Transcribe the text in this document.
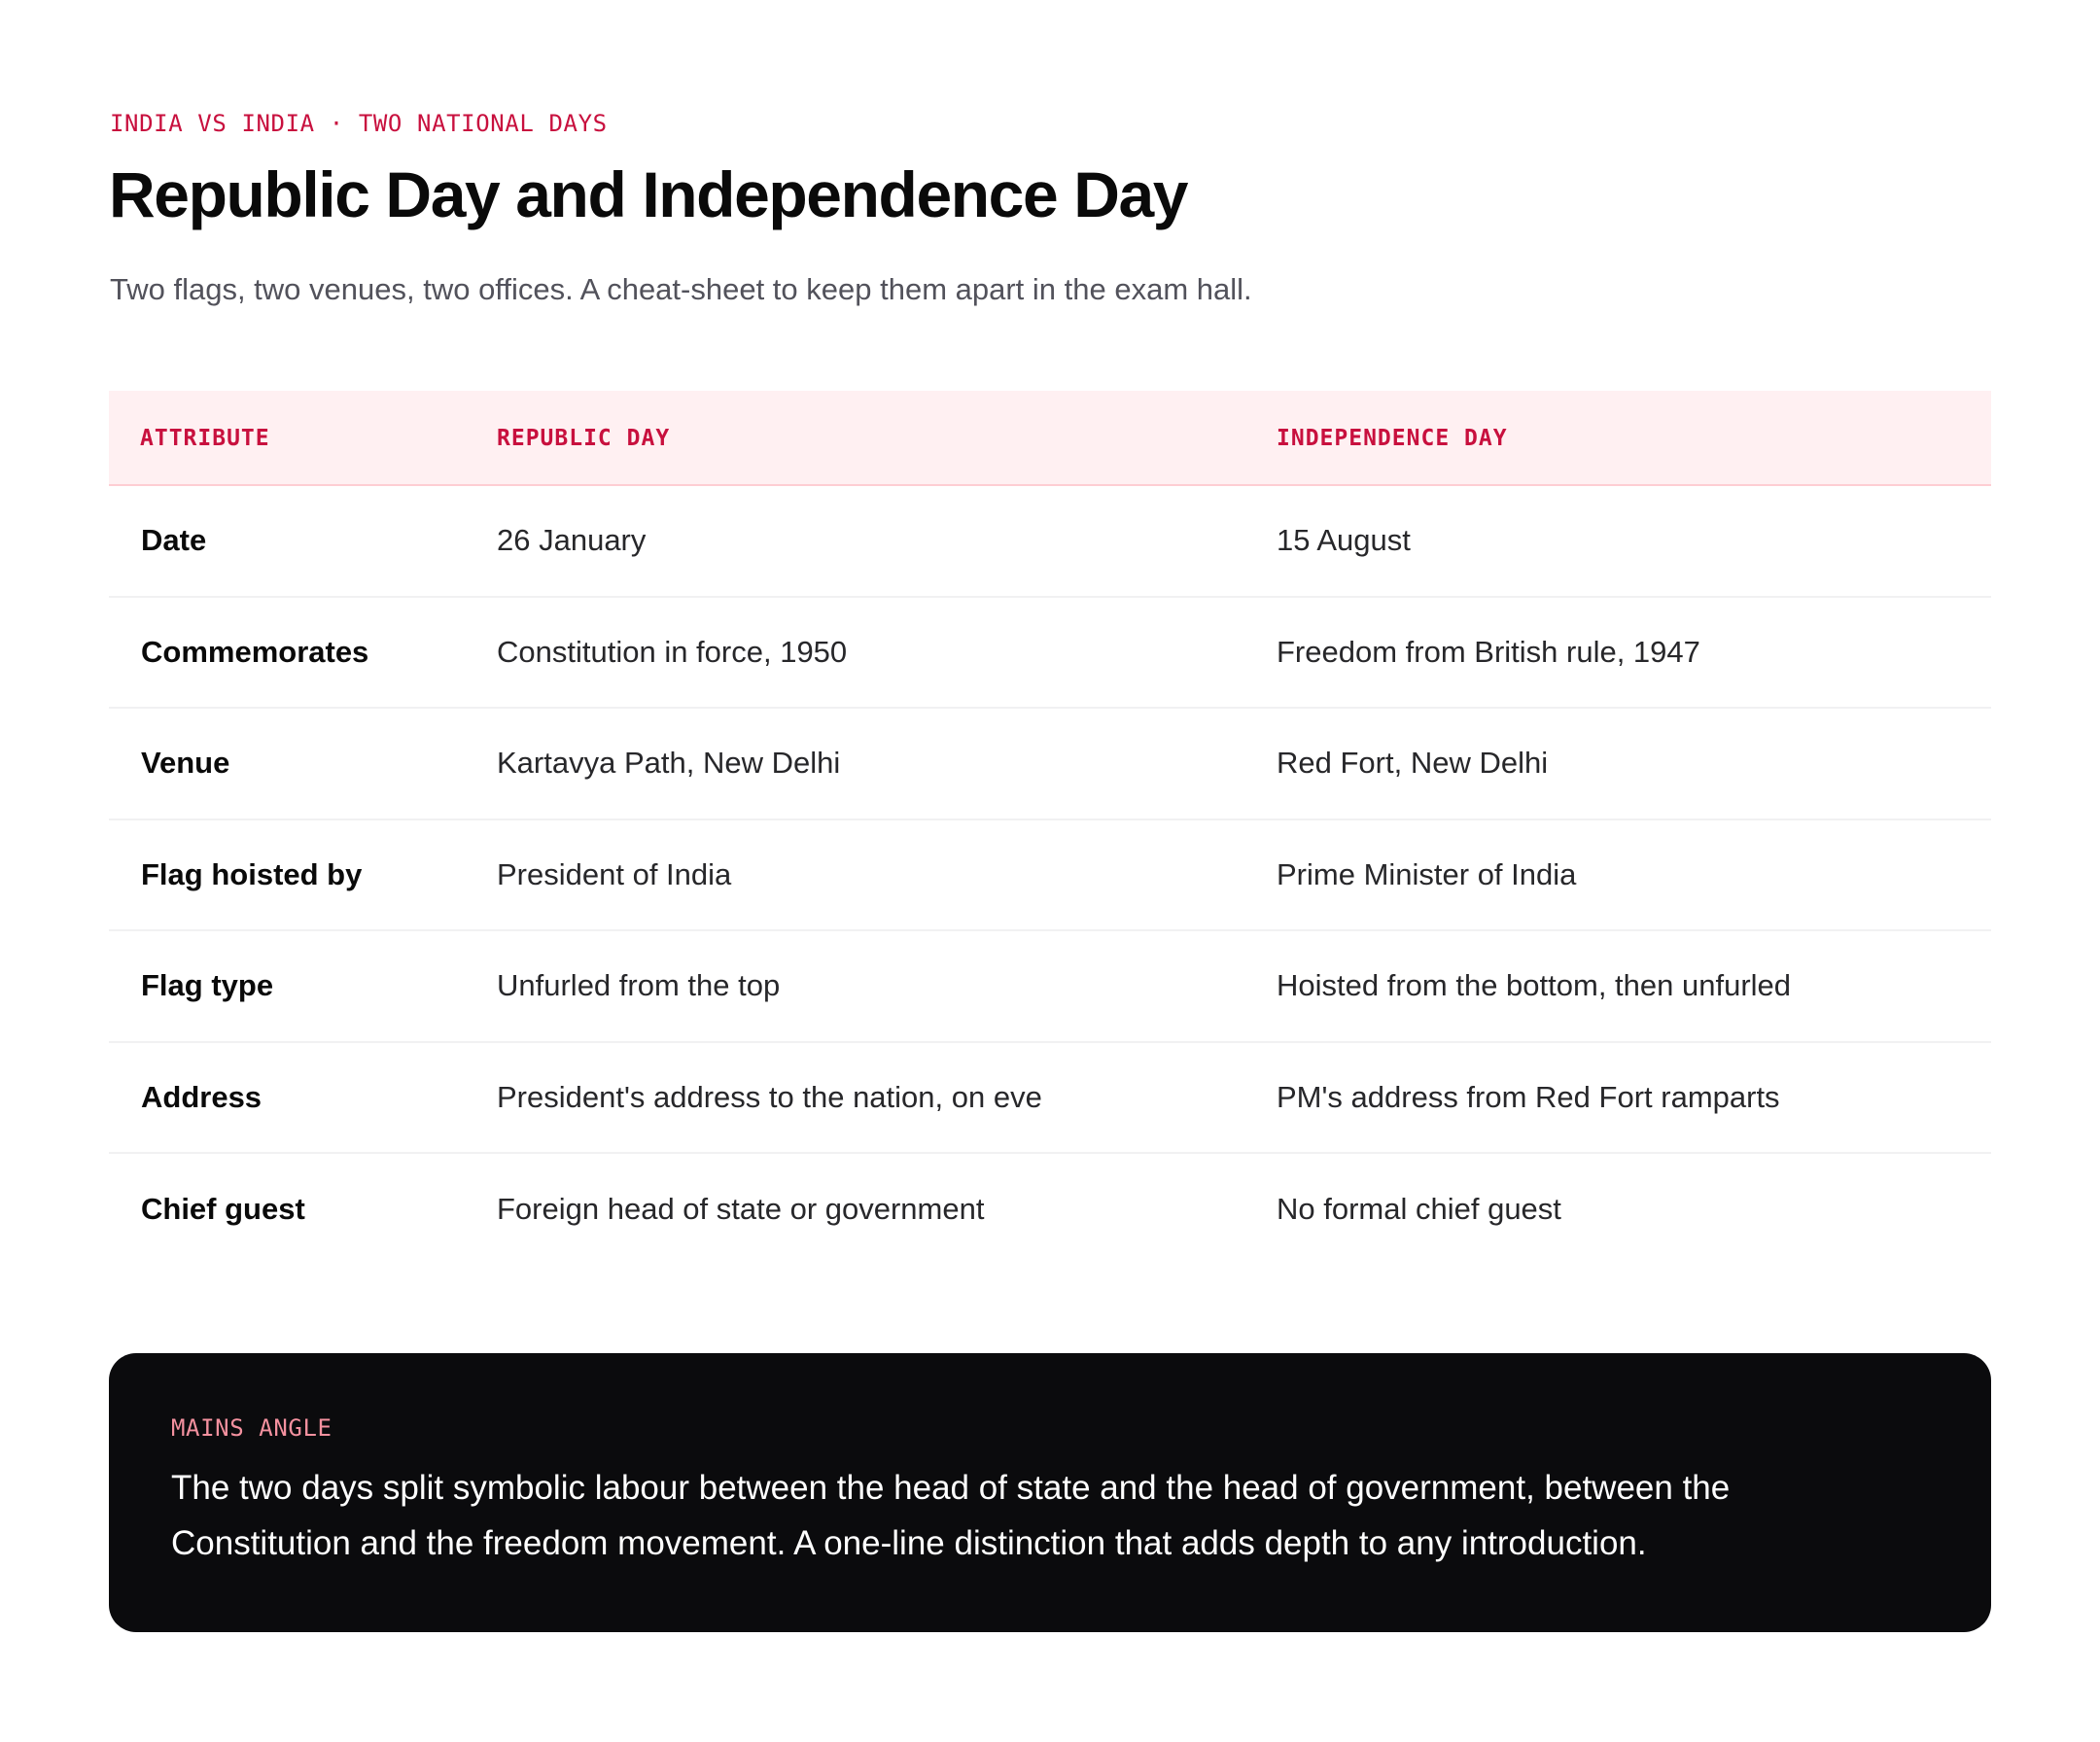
INDIA VS INDIA · TWO NATIONAL DAYS
Republic Day and Independence Day

Two flags, two venues, two offices. A cheat-sheet to keep them apart in the exam hall.

ATTRIBUTE	REPUBLIC DAY	INDEPENDENCE DAY
Date	26 January	15 August
Commemorates	Constitution in force, 1950	Freedom from British rule, 1947
Venue	Kartavya Path, New Delhi	Red Fort, New Delhi
Flag hoisted by	President of India	Prime Minister of India
Flag type	Unfurled from the top	Hoisted from the bottom, then unfurled
Address	President's address to the nation, on eve	PM's address from Red Fort ramparts
Chief guest	Foreign head of state or government	No formal chief guest
MAINS ANGLE

The two days split symbolic labour between the head of state and the head of government, between the Constitution and the freedom movement. A one-line distinction that adds depth to any introduction.
